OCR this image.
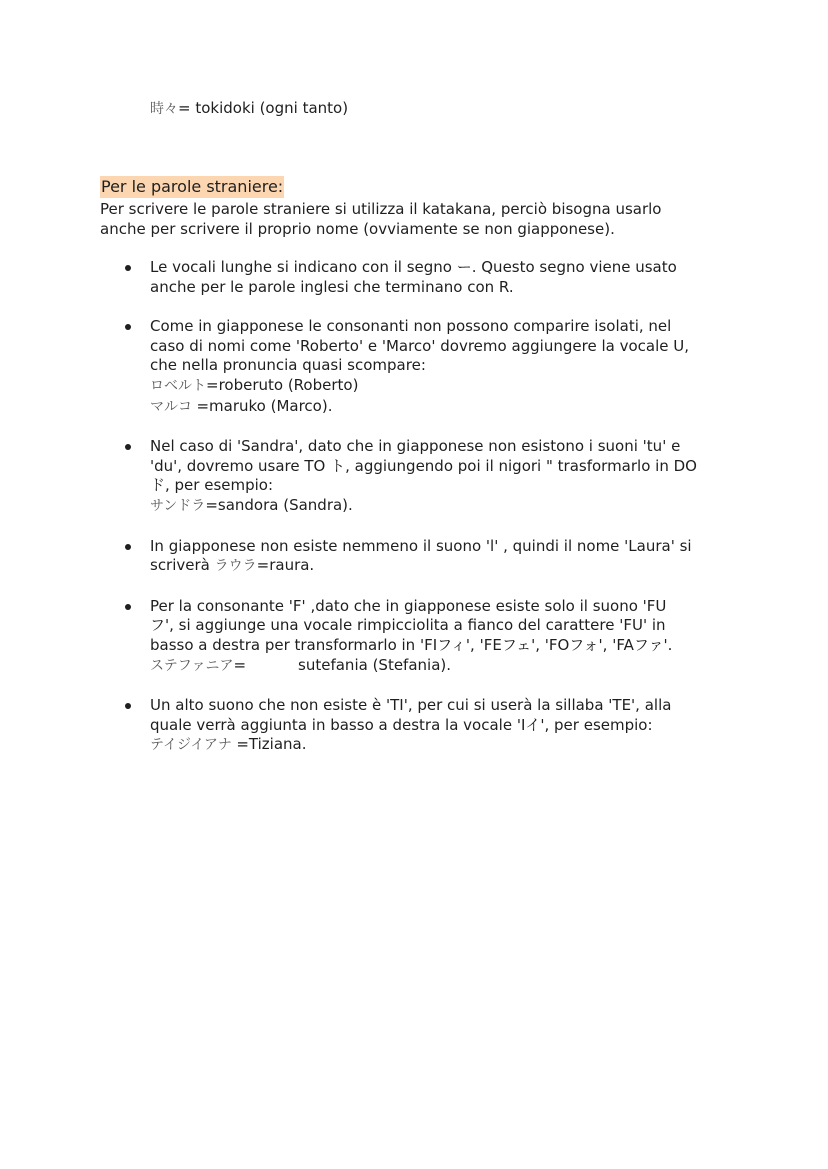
時々= tokidoki (ogni tanto)
Per le parole straniere:
Per scrivere le parole straniere si utilizza il katakana, perciò bisogna usarlo
anche per scrivere il proprio nome (ovviamente se non giapponese).
Le vocali lunghe si indicano con il segno ー. Questo segno viene usato
anche per le parole inglesi che terminano con R.
Come in giapponese le consonanti non possono comparire isolati, nel
caso di nomi come 'Roberto' e 'Marco' dovremo aggiungere la vocale U,
che nella pronuncia quasi scompare:
ロベルト=roberuto (Roberto)
マルコ =maruko (Marco).
Nel caso di 'Sandra', dato che in giapponese non esistono i suoni 'tu' e
'du', dovremo usare TO ト, aggiungendo poi il nigori " trasformarlo in DO
ド, per esempio:
サンドラ=sandora (Sandra).
In giapponese non esiste nemmeno il suono 'l' , quindi il nome 'Laura' si
scriverà ラウラ=raura.
Per la consonante 'F' ,dato che in giapponese esiste solo il suono 'FU
フ', si aggiunge una vocale rimpicciolita a fianco del carattere 'FU' in
basso a destra per transformarlo in 'FIフィ', 'FEフェ', 'FOフォ', 'FAファ'.
ステファニア=	sutefania (Stefania).
Un alto suono che non esiste è 'TI', per cui si userà la sillaba 'TE', alla
quale verrà aggiunta in basso a destra la vocale 'Iイ', per esempio:
テイジイアナ =Tiziana.
